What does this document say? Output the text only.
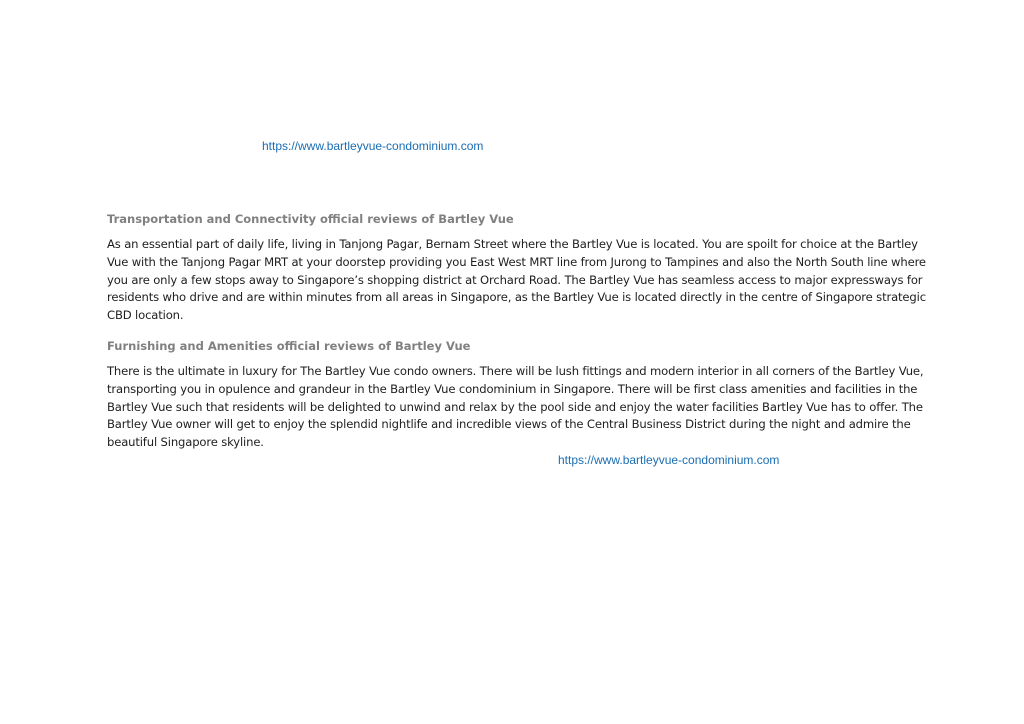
https://www.bartleyvue-condominium.com
Transportation and Connectivity official reviews of Bartley Vue

As an essential part of daily life, living in Tanjong Pagar, Bernam Street where the Bartley Vue is located. You are spoilt for choice at the Bartley Vue with the Tanjong Pagar MRT at your doorstep providing you East West MRT line from Jurong to Tampines and also the North South line where you are only a few stops away to Singapore’s shopping district at Orchard Road. The Bartley Vue has seamless access to major expressways for residents who drive and are within minutes from all areas in Singapore, as the Bartley Vue is located directly in the centre of Singapore strategic CBD location.

Furnishing and Amenities official reviews of Bartley Vue

There is the ultimate in luxury for The Bartley Vue condo owners. There will be lush fittings and modern interior in all corners of the Bartley Vue, transporting you in opulence and grandeur in the Bartley Vue condominium in Singapore. There will be first class amenities and facilities in the Bartley Vue such that residents will be delighted to unwind and relax by the pool side and enjoy the water facilities Bartley Vue has to offer. The Bartley Vue owner will get to enjoy the splendid nightlife and incredible views of the Central Business District during the night and admire the beautiful Singapore skyline.

https://www.bartleyvue-condominium.com
